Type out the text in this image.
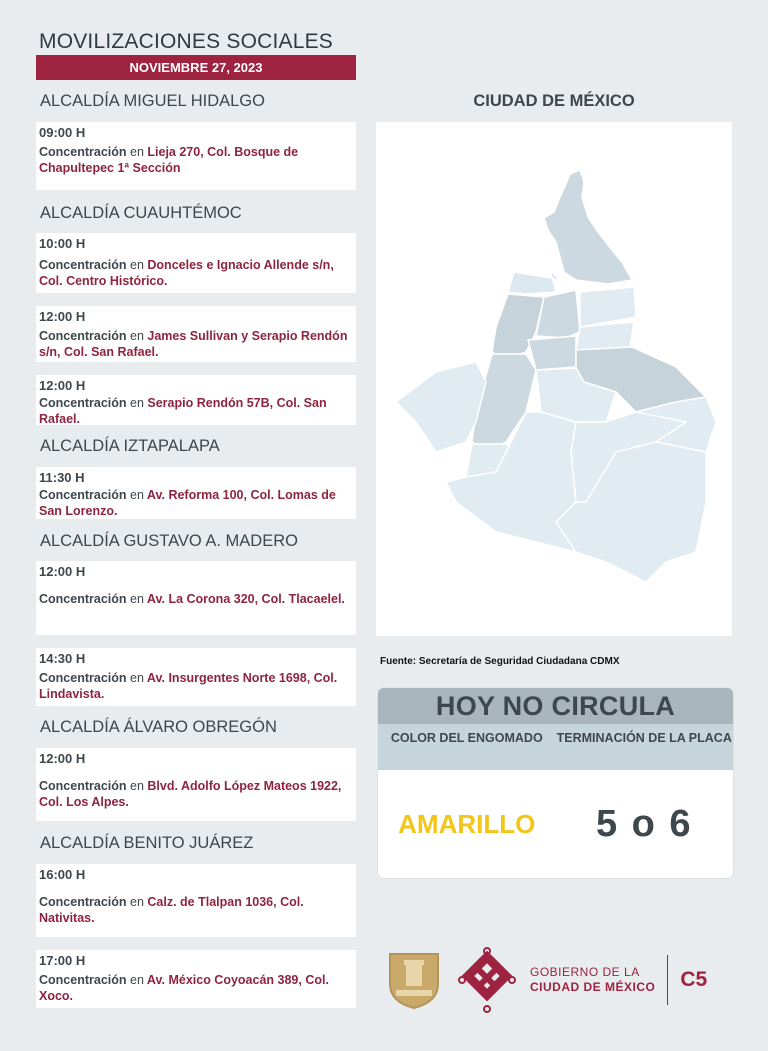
MOVILIZACIONES SOCIALES
NOVIEMBRE 27, 2023
ALCALDÍA MIGUEL HIDALGO
09:00 H
Concentración en Lieja 270, Col. Bosque de Chapultepec 1ª Sección
ALCALDÍA CUAUHTÉMOC
10:00 H
Concentración en Donceles e Ignacio Allende s/n, Col. Centro Histórico.
12:00 H
Concentración en James Sullivan y Serapio Rendón s/n, Col. San Rafael.
12:00 H
Concentración en Serapio Rendón 57B, Col. San Rafael.
ALCALDÍA IZTAPALAPA
11:30 H
Concentración en Av. Reforma 100, Col. Lomas de San Lorenzo.
ALCALDÍA GUSTAVO A. MADERO
12:00 H
Concentración en Av. La Corona 320, Col. Tlacaelel.
14:30 H
Concentración en Av. Insurgentes Norte 1698, Col. Lindavista.
ALCALDÍA ÁLVARO OBREGÓN
12:00 H
Concentración en Blvd. Adolfo López Mateos 1922, Col. Los Alpes.
ALCALDÍA BENITO JUÁREZ
16:00 H
Concentración en Calz. de Tlalpan 1036, Col. Nativitas.
17:00 H
Concentración en Av. México Coyoacán 389, Col. Xoco.
CIUDAD DE MÉXICO
Fuente: Secretaría de Seguridad Ciudadana CDMX
HOY NO CIRCULA
COLOR DEL ENGOMADO	TERMINACIÓN DE LA PLACA
AMARILLO	5 o 6
GOBIERNO DE LA
CIUDAD DE MÉXICO C5
